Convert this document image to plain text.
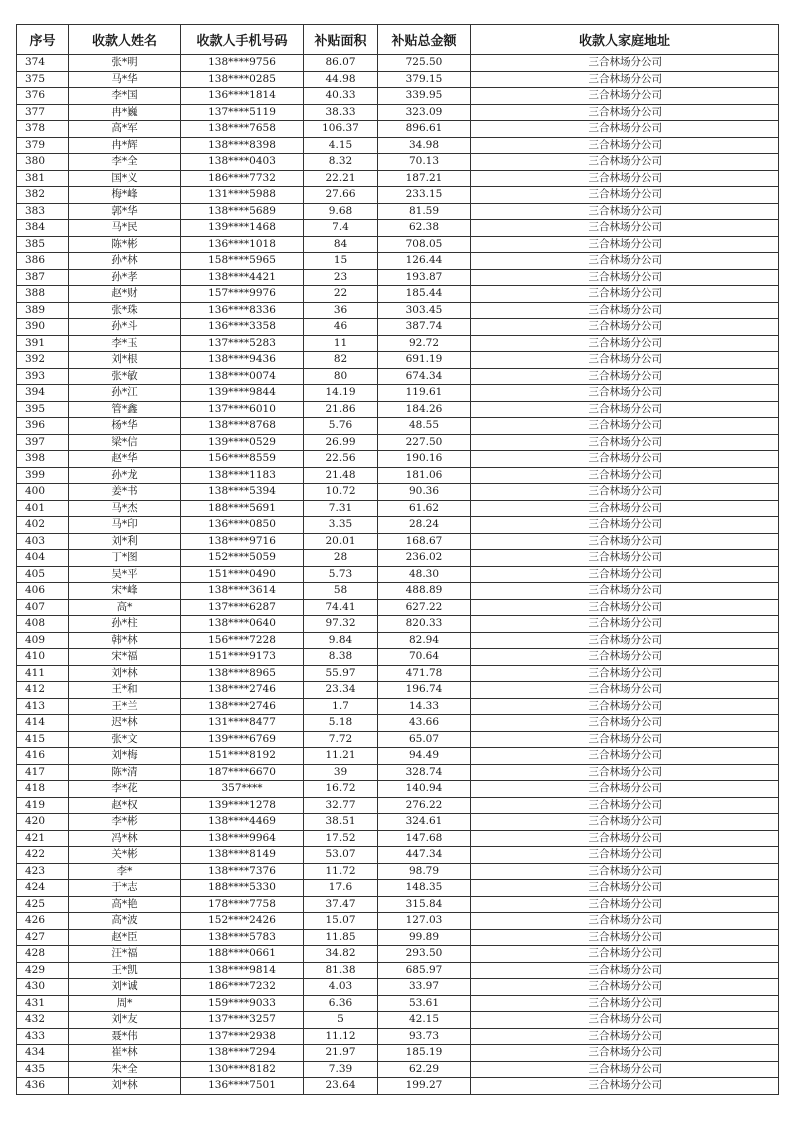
序号	收款人姓名	收款人手机号码	补贴面积	补贴总金额	收款人家庭地址
374	张*明	138****9756	86.07	725.50	三合林场分公司
375	马*华	138****0285	44.98	379.15	三合林场分公司
376	李*国	136****1814	40.33	339.95	三合林场分公司
377	冉*巍	137****5119	38.33	323.09	三合林场分公司
378	高*军	138****7658	106.37	896.61	三合林场分公司
379	冉*辉	138****8398	4.15	34.98	三合林场分公司
380	李*全	138****0403	8.32	70.13	三合林场分公司
381	国*义	186****7732	22.21	187.21	三合林场分公司
382	梅*峰	131****5988	27.66	233.15	三合林场分公司
383	郭*华	138****5689	9.68	81.59	三合林场分公司
384	马*民	139****1468	7.4	62.38	三合林场分公司
385	陈*彬	136****1018	84	708.05	三合林场分公司
386	孙*林	158****5965	15	126.44	三合林场分公司
387	孙*孝	138****4421	23	193.87	三合林场分公司
388	赵*财	157****9976	22	185.44	三合林场分公司
389	张*珠	136****8336	36	303.45	三合林场分公司
390	孙*斗	136****3358	46	387.74	三合林场分公司
391	李*玉	137****5283	11	92.72	三合林场分公司
392	刘*根	138****9436	82	691.19	三合林场分公司
393	张*敏	138****0074	80	674.34	三合林场分公司
394	孙*江	139****9844	14.19	119.61	三合林场分公司
395	管*鑫	137****6010	21.86	184.26	三合林场分公司
396	杨*华	138****8768	5.76	48.55	三合林场分公司
397	梁*信	139****0529	26.99	227.50	三合林场分公司
398	赵*华	156****8559	22.56	190.16	三合林场分公司
399	孙*龙	138****1183	21.48	181.06	三合林场分公司
400	姜*书	138****5394	10.72	90.36	三合林场分公司
401	马*杰	188****5691	7.31	61.62	三合林场分公司
402	马*印	136****0850	3.35	28.24	三合林场分公司
403	刘*利	138****9716	20.01	168.67	三合林场分公司
404	丁*图	152****5059	28	236.02	三合林场分公司
405	吴*平	151****0490	5.73	48.30	三合林场分公司
406	宋*峰	138****3614	58	488.89	三合林场分公司
407	高*	137****6287	74.41	627.22	三合林场分公司
408	孙*柱	138****0640	97.32	820.33	三合林场分公司
409	韩*林	156****7228	9.84	82.94	三合林场分公司
410	宋*福	151****9173	8.38	70.64	三合林场分公司
411	刘*林	138****8965	55.97	471.78	三合林场分公司
412	王*和	138****2746	23.34	196.74	三合林场分公司
413	王*兰	138****2746	1.7	14.33	三合林场分公司
414	迟*林	131****8477	5.18	43.66	三合林场分公司
415	张*文	139****6769	7.72	65.07	三合林场分公司
416	刘*梅	151****8192	11.21	94.49	三合林场分公司
417	陈*清	187****6670	39	328.74	三合林场分公司
418	李*花	357****	16.72	140.94	三合林场分公司
419	赵*权	139****1278	32.77	276.22	三合林场分公司
420	李*彬	138****4469	38.51	324.61	三合林场分公司
421	冯*林	138****9964	17.52	147.68	三合林场分公司
422	关*彬	138****8149	53.07	447.34	三合林场分公司
423	李*	138****7376	11.72	98.79	三合林场分公司
424	于*志	188****5330	17.6	148.35	三合林场分公司
425	高*艳	178****7758	37.47	315.84	三合林场分公司
426	高*波	152****2426	15.07	127.03	三合林场分公司
427	赵*臣	138****5783	11.85	99.89	三合林场分公司
428	汪*福	188****0661	34.82	293.50	三合林场分公司
429	王*凯	138****9814	81.38	685.97	三合林场分公司
430	刘*诚	186****7232	4.03	33.97	三合林场分公司
431	周*	159****9033	6.36	53.61	三合林场分公司
432	刘*友	137****3257	5	42.15	三合林场分公司
433	聂*伟	137****2938	11.12	93.73	三合林场分公司
434	崔*林	138****7294	21.97	185.19	三合林场分公司
435	朱*全	130****8182	7.39	62.29	三合林场分公司
436	刘*林	136****7501	23.64	199.27	三合林场分公司
